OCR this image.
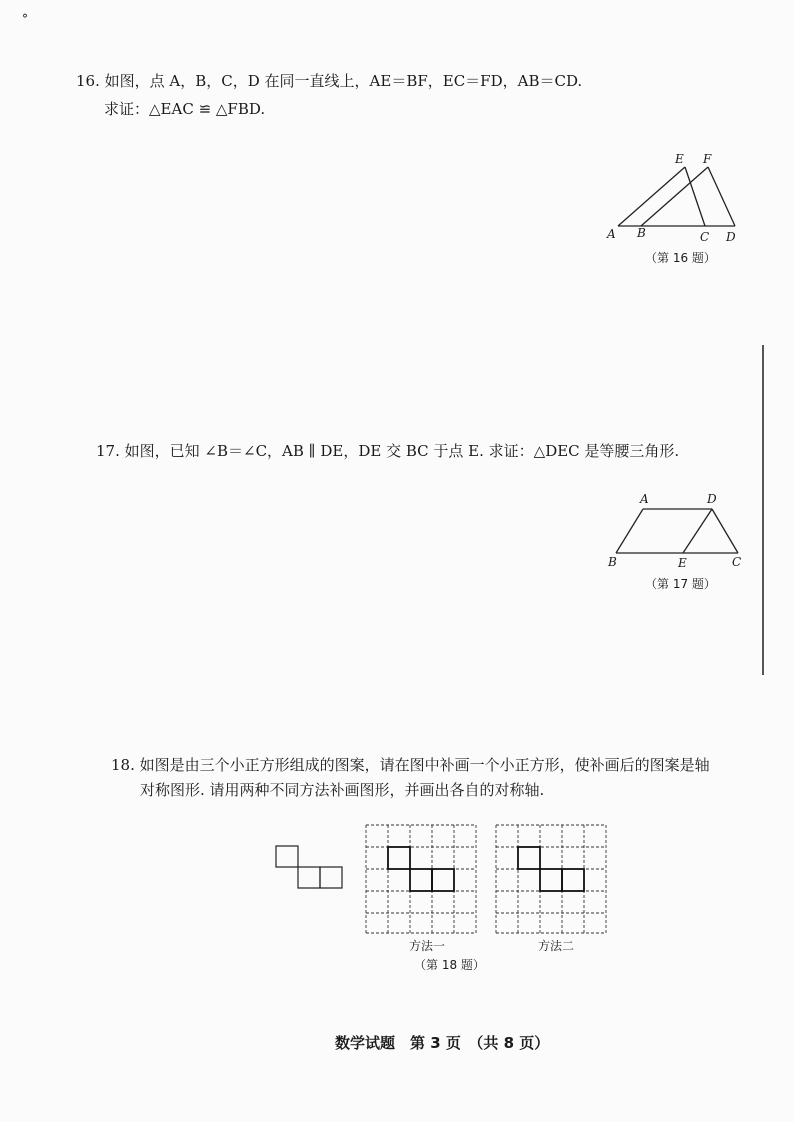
°
16. 如图，点 A，B，C，D 在同一直线上，AE＝BF，EC＝FD，AB＝CD.
求证：△EAC ≌ △FBD.
A B	C D
E F
（第 16 题）
17. 如图，已知 ∠B＝∠C，AB ∥ DE，DE 交 BC 于点 E. 求证：△DEC 是等腰三角形.
A	D
B	E	C
（第 17 题）
18. 如图是由三个小正方形组成的图案，请在图中补画一个小正方形，使补画后的图案是轴
对称图形. 请用两种不同方法补画图形，并画出各自的对称轴.
方法一	方法二
（第 18 题）
数学试题　第 3 页　（共 8 页）
